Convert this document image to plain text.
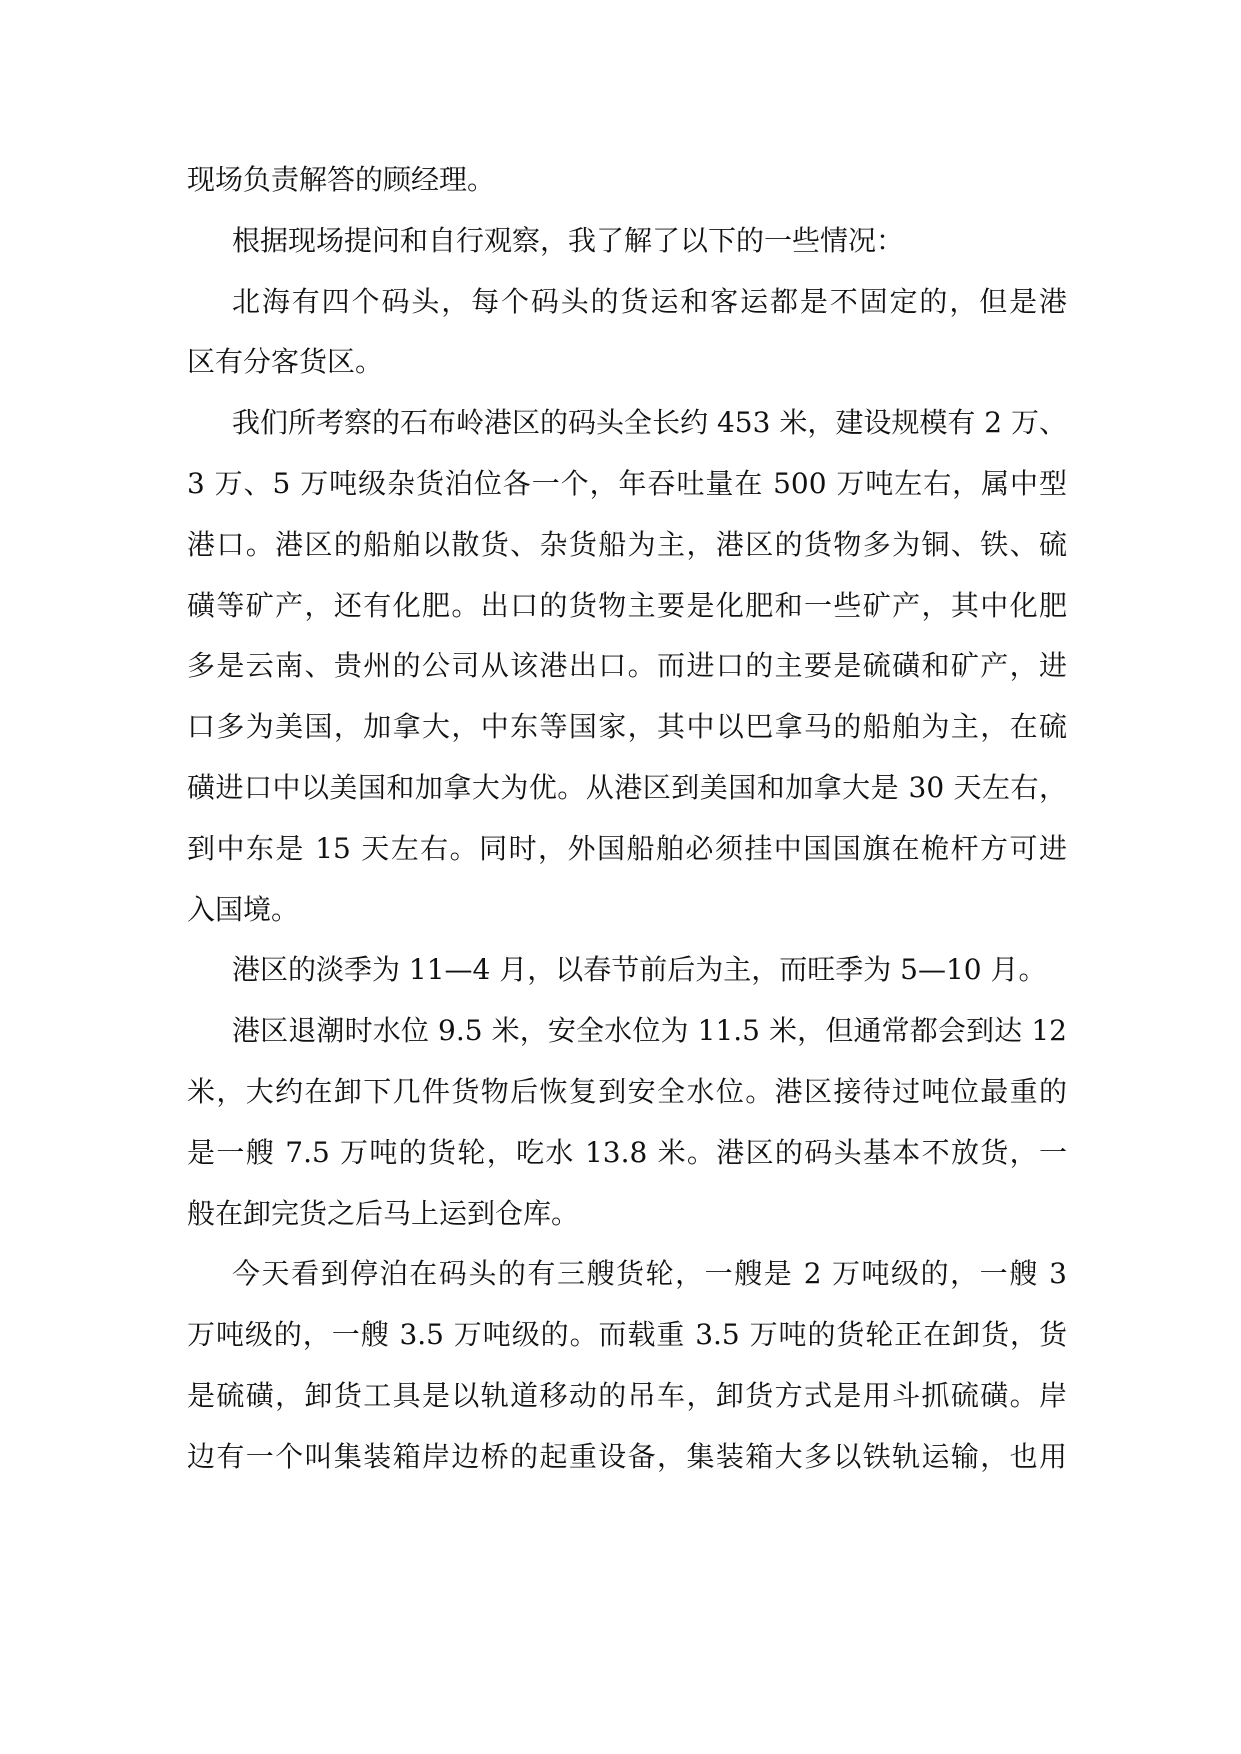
现场负责解答的顾经理。
根据现场提问和自行观察，我了解了以下的一些情况：
北海有四个码头，每个码头的货运和客运都是不固定的，但是港
区有分客货区。
我们所考察的石布岭港区的码头全长约 453 米，建设规模有 2 万、
3 万、5 万吨级杂货泊位各一个，年吞吐量在 500 万吨左右，属中型
港口。港区的船舶以散货、杂货船为主，港区的货物多为铜、铁、硫
磺等矿产，还有化肥。出口的货物主要是化肥和一些矿产，其中化肥
多是云南、贵州的公司从该港出口。而进口的主要是硫磺和矿产，进
口多为美国，加拿大，中东等国家，其中以巴拿马的船舶为主，在硫
磺进口中以美国和加拿大为优。从港区到美国和加拿大是 30 天左右，
到中东是 15 天左右。同时，外国船舶必须挂中国国旗在桅杆方可进
入国境。
港区的淡季为 11—4 月，以春节前后为主，而旺季为 5—10 月。
港区退潮时水位 9.5 米，安全水位为 11.5 米，但通常都会到达 12
米，大约在卸下几件货物后恢复到安全水位。港区接待过吨位最重的
是一艘 7.5 万吨的货轮，吃水 13.8 米。港区的码头基本不放货，一
般在卸完货之后马上运到仓库。
今天看到停泊在码头的有三艘货轮，一艘是 2 万吨级的，一艘 3
万吨级的，一艘 3.5 万吨级的。而载重 3.5 万吨的货轮正在卸货，货
是硫磺，卸货工具是以轨道移动的吊车，卸货方式是用斗抓硫磺。岸
边有一个叫集装箱岸边桥的起重设备，集装箱大多以铁轨运输，也用
